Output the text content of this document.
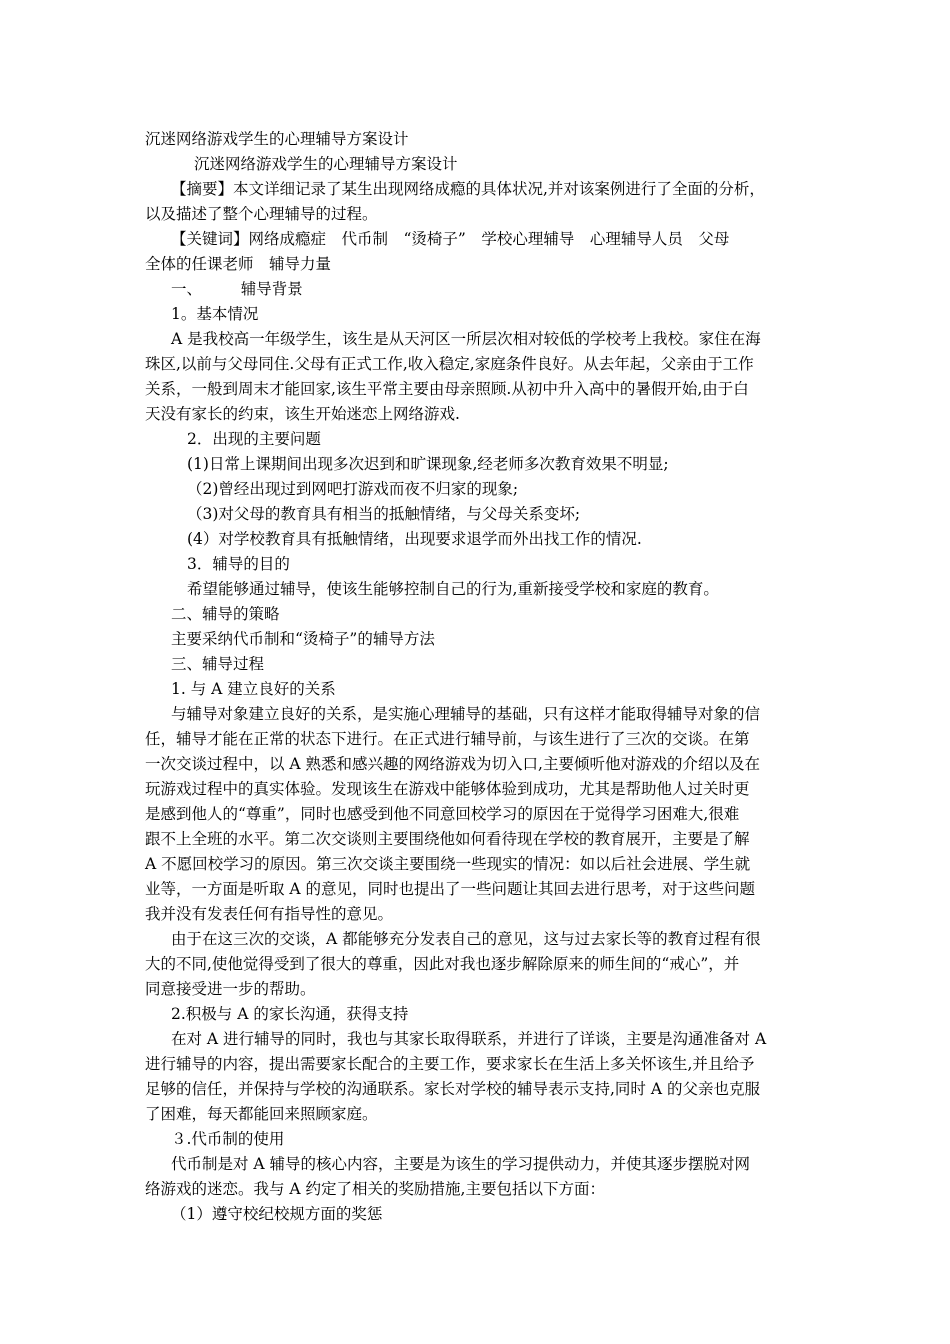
沉迷网络游戏学生的心理辅导方案设计
沉迷网络游戏学生的心理辅导方案设计
【摘要】本文详细记录了某生出现网络成瘾的具体状况,并对该案例进行了全面的分析，
以及描述了整个心理辅导的过程。
【关键词】网络成瘾症　代币制　“烫椅子”　学校心理辅导　心理辅导人员　父母
全体的任课老师　辅导力量
一、　　　辅导背景
1。基本情况
A 是我校高一年级学生，该生是从天河区一所层次相对较低的学校考上我校。家住在海
珠区,以前与父母同住.父母有正式工作,收入稳定,家庭条件良好。从去年起，父亲由于工作
关系，一般到周末才能回家,该生平常主要由母亲照顾.从初中升入高中的暑假开始,由于白
天没有家长的约束，该生开始迷恋上网络游戏.
2．出现的主要问题
(1)日常上课期间出现多次迟到和旷课现象,经老师多次教育效果不明显;
（2)曾经出现过到网吧打游戏而夜不归家的现象;
（3)对父母的教育具有相当的抵触情绪，与父母关系变坏;
(4）对学校教育具有抵触情绪，出现要求退学而外出找工作的情况.
3．辅导的目的
希望能够通过辅导，使该生能够控制自己的行为,重新接受学校和家庭的教育。
二、辅导的策略
主要采纳代币制和“烫椅子”的辅导方法
三、辅导过程
1. 与 A 建立良好的关系
与辅导对象建立良好的关系，是实施心理辅导的基础，只有这样才能取得辅导对象的信
任，辅导才能在正常的状态下进行。在正式进行辅导前，与该生进行了三次的交谈。在第
一次交谈过程中，以 A 熟悉和感兴趣的网络游戏为切入口,主要倾听他对游戏的介绍以及在
玩游戏过程中的真实体验。发现该生在游戏中能够体验到成功，尤其是帮助他人过关时更
是感到他人的“尊重”，同时也感受到他不同意回校学习的原因在于觉得学习困难大,很难
跟不上全班的水平。第二次交谈则主要围绕他如何看待现在学校的教育展开，主要是了解
A 不愿回校学习的原因。第三次交谈主要围绕一些现实的情况：如以后社会进展、学生就
业等，一方面是听取 A 的意见，同时也提出了一些问题让其回去进行思考，对于这些问题
我并没有发表任何有指导性的意见。
由于在这三次的交谈，A 都能够充分发表自己的意见，这与过去家长等的教育过程有很
大的不同,使他觉得受到了很大的尊重，因此对我也逐步解除原来的师生间的“戒心”，并
同意接受进一步的帮助。
2.积极与 A 的家长沟通，获得支持
在对 A 进行辅导的同时，我也与其家长取得联系，并进行了详谈，主要是沟通准备对 A
进行辅导的内容，提出需要家长配合的主要工作，要求家长在生活上多关怀该生,并且给予
足够的信任，并保持与学校的沟通联系。家长对学校的辅导表示支持,同时 A 的父亲也克服
了困难，每天都能回来照顾家庭。
３.代币制的使用
代币制是对 A 辅导的核心内容，主要是为该生的学习提供动力，并使其逐步摆脱对网
络游戏的迷恋。我与 A 约定了相关的奖励措施,主要包括以下方面：
（1）遵守校纪校规方面的奖惩
